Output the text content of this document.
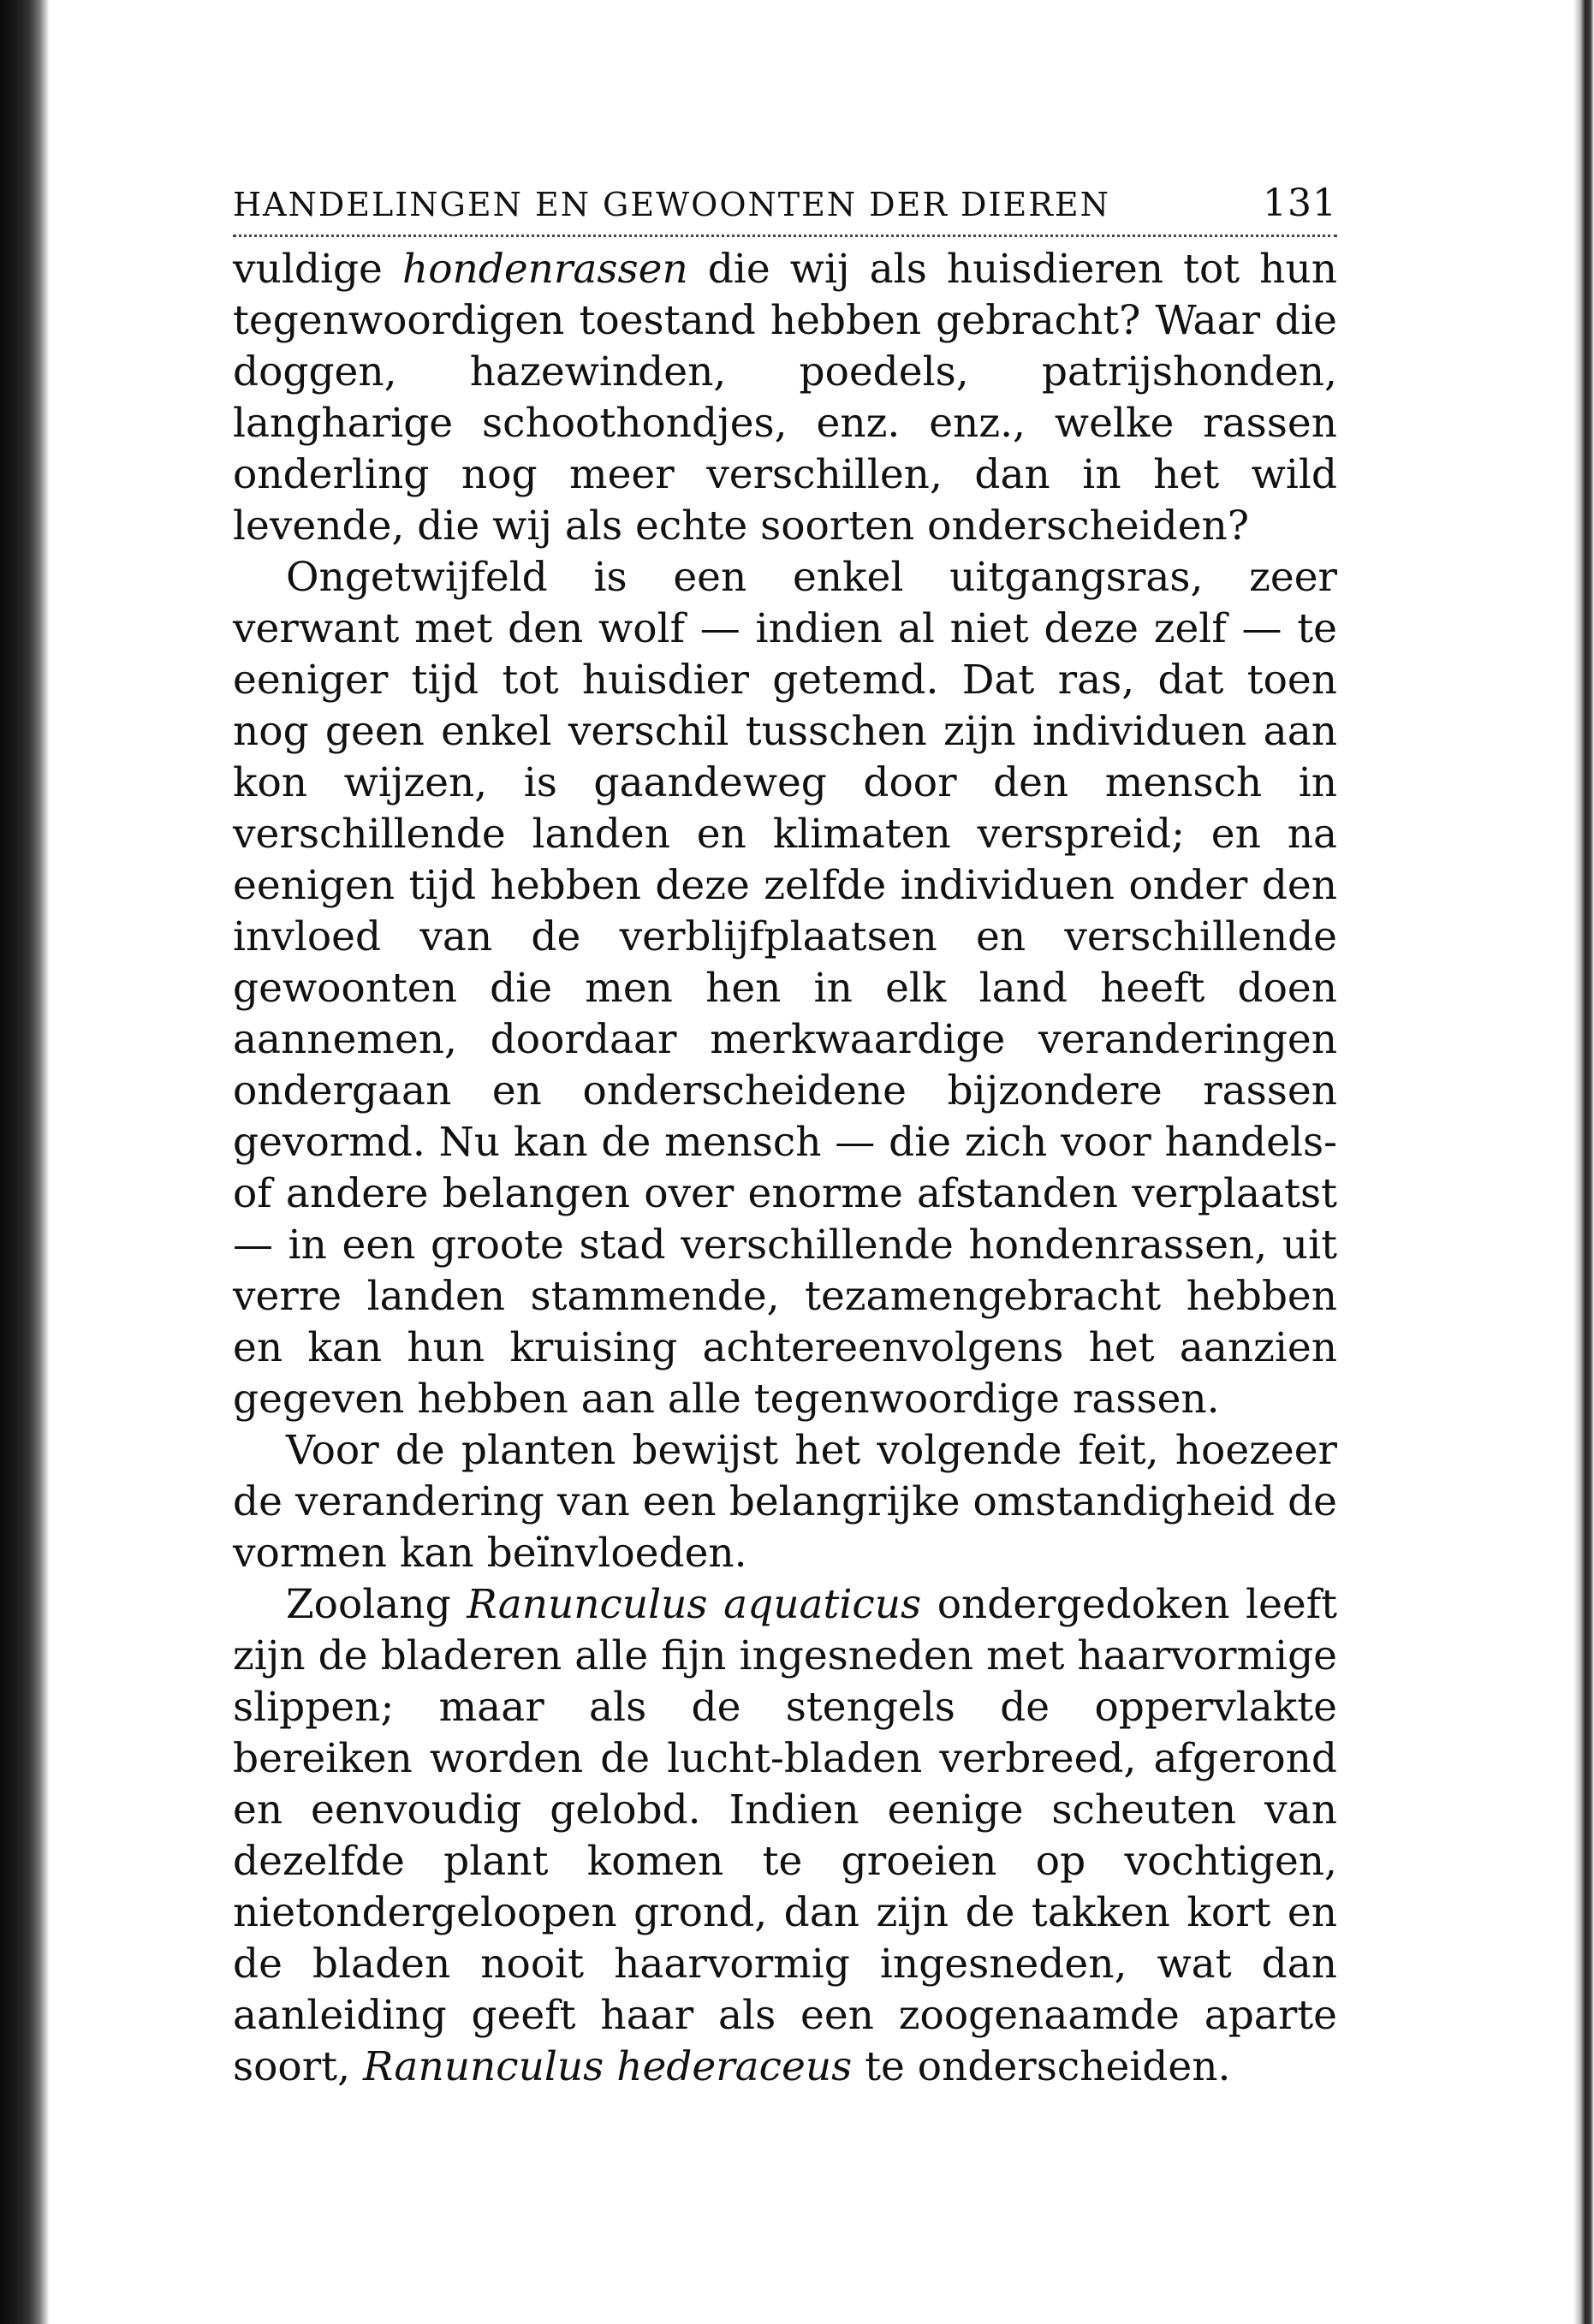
HANDELINGEN EN GEWOONTEN DER DIEREN	131

vuldige hondenrassen die wij als huisdieren tot hun tegenwoordigen toestand hebben gebracht? Waar die doggen, hazewinden, poedels, patrijshonden, langharige schoothondjes, enz. enz., welke rassen onderling nog meer verschillen, dan in het wild levende, die wij als echte soorten onderscheiden?

Ongetwijfeld is een enkel uitgangsras, zeer verwant met den wolf — indien al niet deze zelf — te eeniger tijd tot huisdier getemd. Dat ras, dat toen nog geen enkel verschil tusschen zijn individuen aan kon wijzen, is gaandeweg door den mensch in verschillende landen en klimaten verspreid; en na eenigen tijd hebben deze zelfde individuen onder den invloed van de verblijfplaatsen en verschillende gewoonten die men hen in elk land heeft doen aannemen, doordaar merkwaardige veranderingen ondergaan en onderscheidene bijzondere rassen gevormd. Nu kan de mensch — die zich voor handels- of andere belangen over enorme afstanden verplaatst — in een groote stad verschillende hondenrassen, uit verre landen stammende, tezamengebracht hebben en kan hun kruising achtereenvolgens het aanzien gegeven hebben aan alle tegenwoordige rassen.

Voor de planten bewijst het volgende feit, hoezeer de verandering van een belangrijke omstandigheid de vormen kan beïnvloeden.

Zoolang Ranunculus aquaticus ondergedoken leeft zijn de bladeren alle fijn ingesneden met haarvormige slippen; maar als de stengels de oppervlakte bereiken worden de lucht-bladen verbreed, afgerond en eenvoudig gelobd. Indien eenige scheuten van dezelfde plant komen te groeien op vochtigen, nietondergeloopen grond, dan zijn de takken kort en de bladen nooit haarvormig ingesneden, wat dan aanleiding geeft haar als een zoogenaamde aparte soort, Ranunculus hederaceus te onderscheiden.
